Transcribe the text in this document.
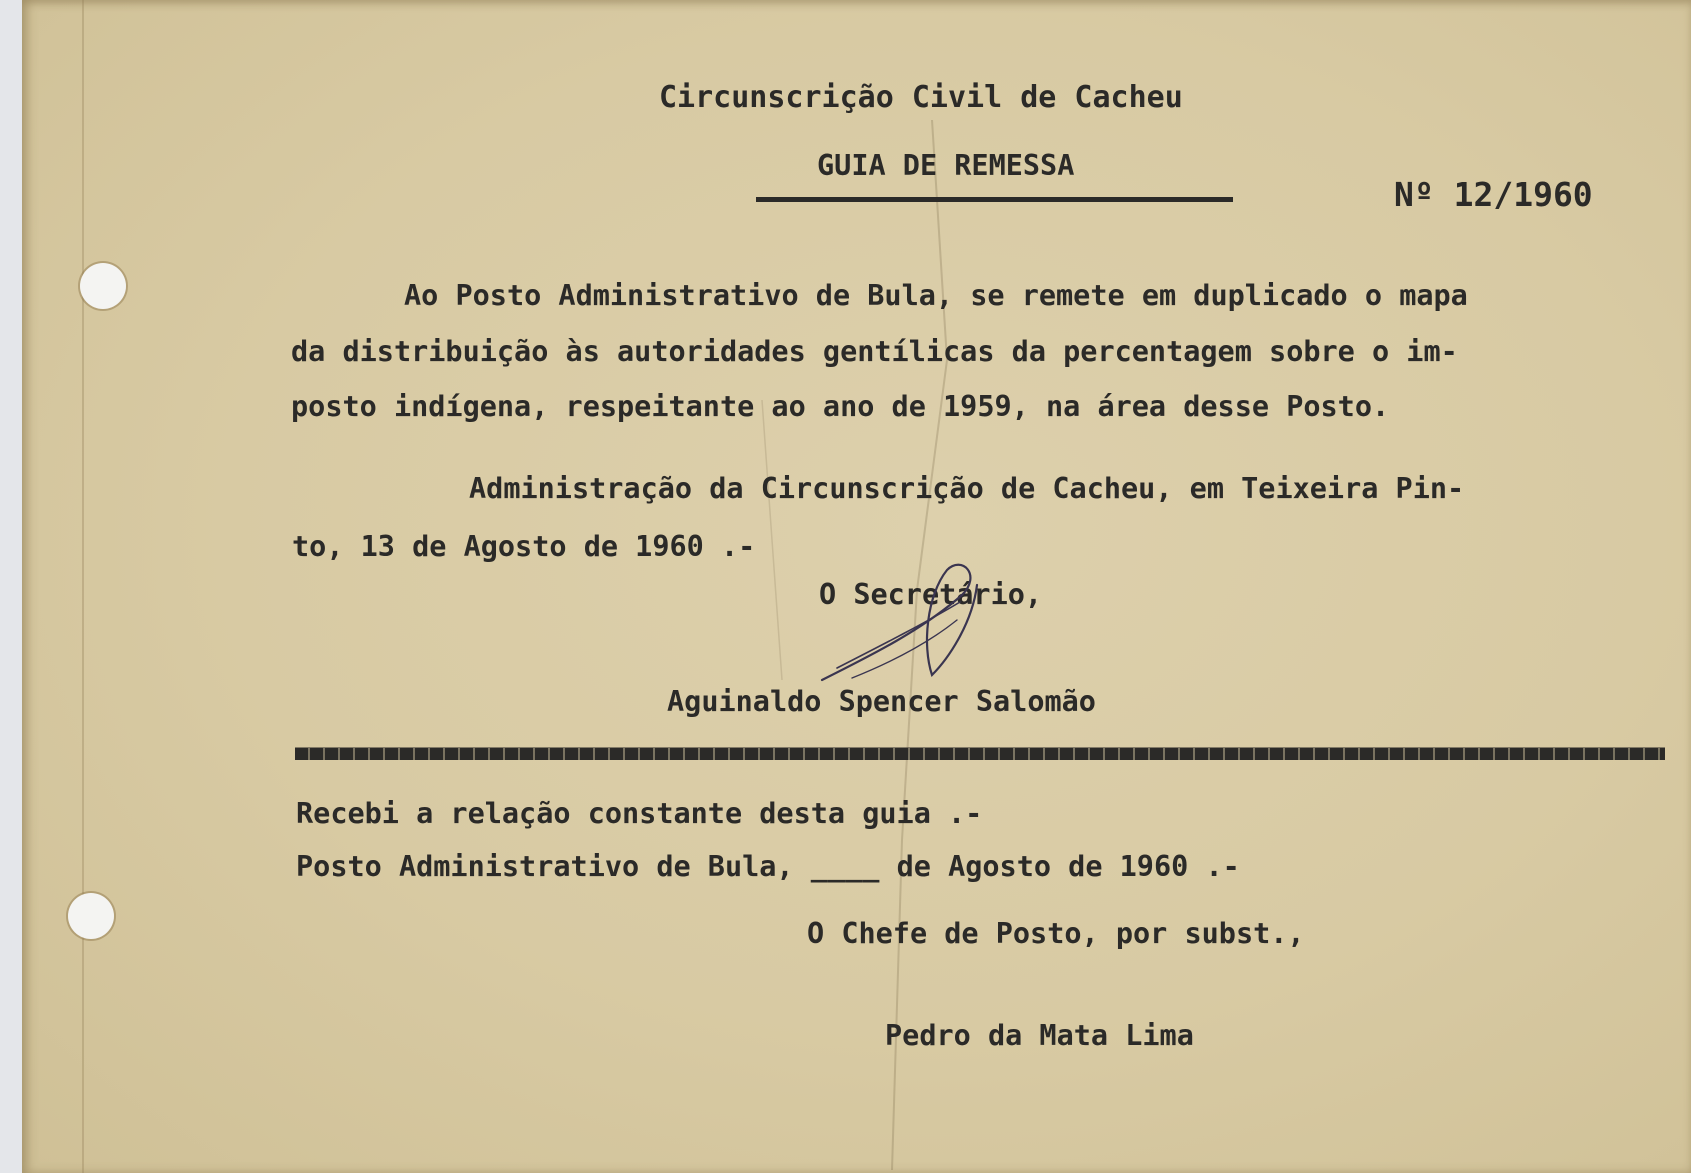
Circunscrição Civil de Cacheu

GUIA DE REMESSA

Nº 12/1960

Ao Posto Administrativo de Bula, se remete em duplicado o mapa

da distribuição às autoridades gentílicas da percentagem sobre o im-

posto indígena, respeitante ao ano de 1959, na área desse Posto.

Administração da Circunscrição de Cacheu, em Teixeira Pin-

to, 13 de Agosto de 1960 .-

O Secretário,

Aguinaldo Spencer Salomão

Recebi a relação constante desta guia .-

Posto Administrativo de Bula, ____ de Agosto de 1960 .-

O Chefe de Posto, por subst.,

Pedro da Mata Lima
